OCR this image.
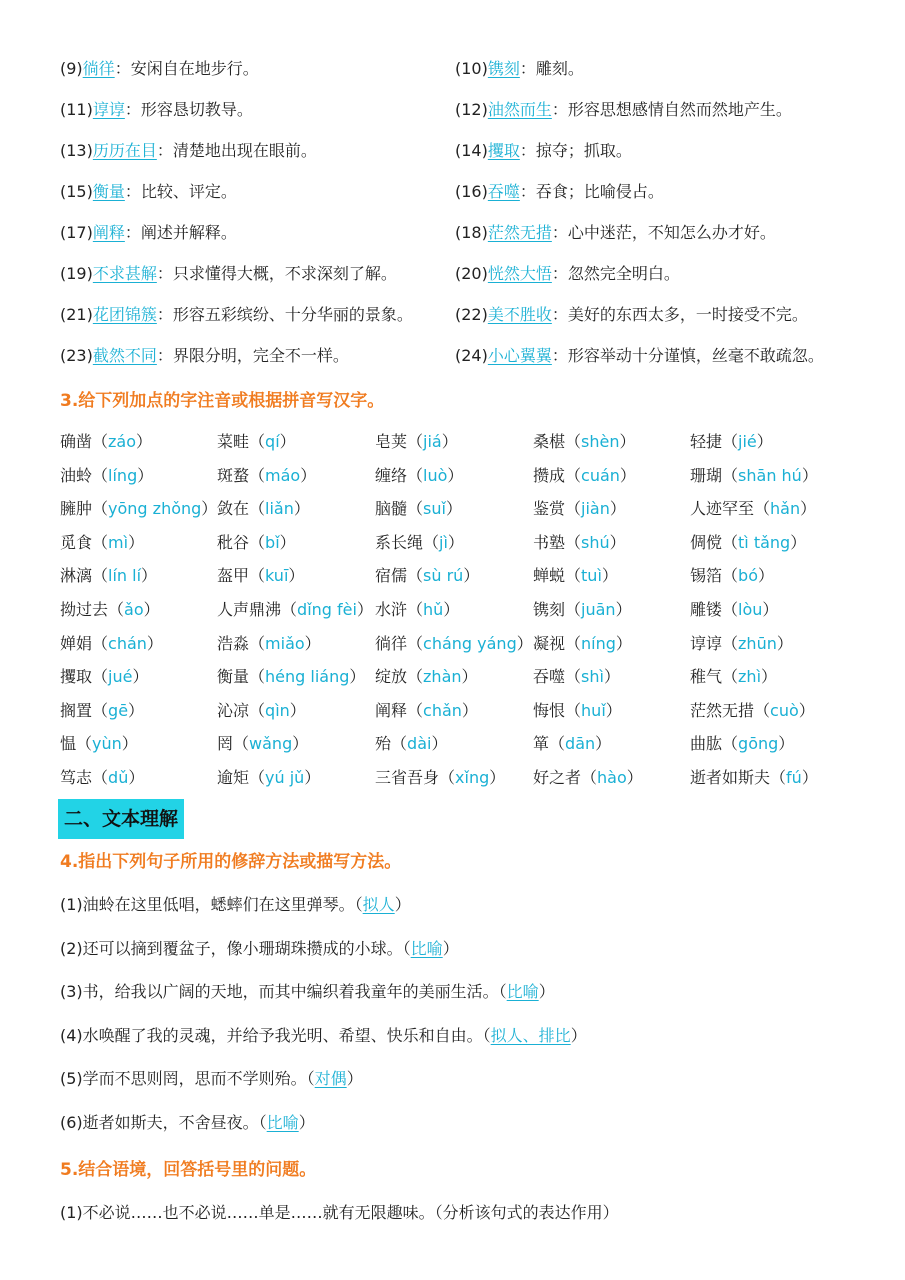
(9)徜徉：安闲自在地步行。	(10)镌刻：雕刻。
(11)谆谆：形容恳切教导。	(12)油然而生：形容思想感情自然而然地产生。
(13)历历在目：清楚地出现在眼前。	(14)攫取：掠夺；抓取。
(15)衡量：比较、评定。	(16)吞噬：吞食；比喻侵占。
(17)阐释：阐述并解释。	(18)茫然无措：心中迷茫，不知怎么办才好。
(19)不求甚解：只求懂得大概，不求深刻了解。	(20)恍然大悟：忽然完全明白。
(21)花团锦簇：形容五彩缤纷、十分华丽的景象。	(22)美不胜收：美好的东西太多，一时接受不完。
(23)截然不同：界限分明，完全不一样。	(24)小心翼翼：形容举动十分谨慎，丝毫不敢疏忽。
3.给下列加点的字注音或根据拼音写汉字。
确凿（záo）	菜畦（qí）	皂荚（jiá）	桑椹（shèn）	轻捷（jié）
油蛉（líng）	斑蝥（máo）	缠络（luò）	攒成（cuán）	珊瑚（shān hú）
臃肿（yōng zhǒng） 敛在（liǎn）	脑髓（suǐ）	鉴赏（jiàn）	人迹罕至（hǎn）
觅食（mì）	秕谷（bǐ）	系长绳（jì）	书塾（shú）	倜傥（tì tǎng）
淋漓（lín lí）	盔甲（kuī）	宿儒（sù rú）	蝉蜕（tuì）	锡箔（bó）
拗过去（ǎo）	人声鼎沸（dǐng fèi） 水浒（hǔ）	镌刻（juān）	雕镂（lòu）
婵娟（chán）	浩淼（miǎo）	徜徉（cháng yáng） 凝视（níng）	谆谆（zhūn）
攫取（jué）	衡量（héng liáng） 绽放（zhàn）	吞噬（shì）	稚气（zhì）
搁置（gē）	沁凉（qìn）	阐释（chǎn）	悔恨（huǐ）	茫然无措（cuò）
愠（yùn）	罔（wǎng）	殆（dài）	箪（dān）	曲肱（gōng）
笃志（dǔ）	逾矩（yú jǔ）	三省吾身（xǐng） 好之者（hào）	逝者如斯夫（fú）
二、文本理解
4.指出下列句子所用的修辞方法或描写方法。
(1)油蛉在这里低唱，蟋蟀们在这里弹琴。（拟人）
(2)还可以摘到覆盆子，像小珊瑚珠攒成的小球。（比喻）
(3)书，给我以广阔的天地，而其中编织着我童年的美丽生活。（比喻）
(4)水唤醒了我的灵魂，并给予我光明、希望、快乐和自由。（拟人、排比）
(5)学而不思则罔，思而不学则殆。（对偶）
(6)逝者如斯夫，不舍昼夜。（比喻）
5.结合语境，回答括号里的问题。
(1)不必说……也不必说……单是……就有无限趣味。（分析该句式的表达作用）
